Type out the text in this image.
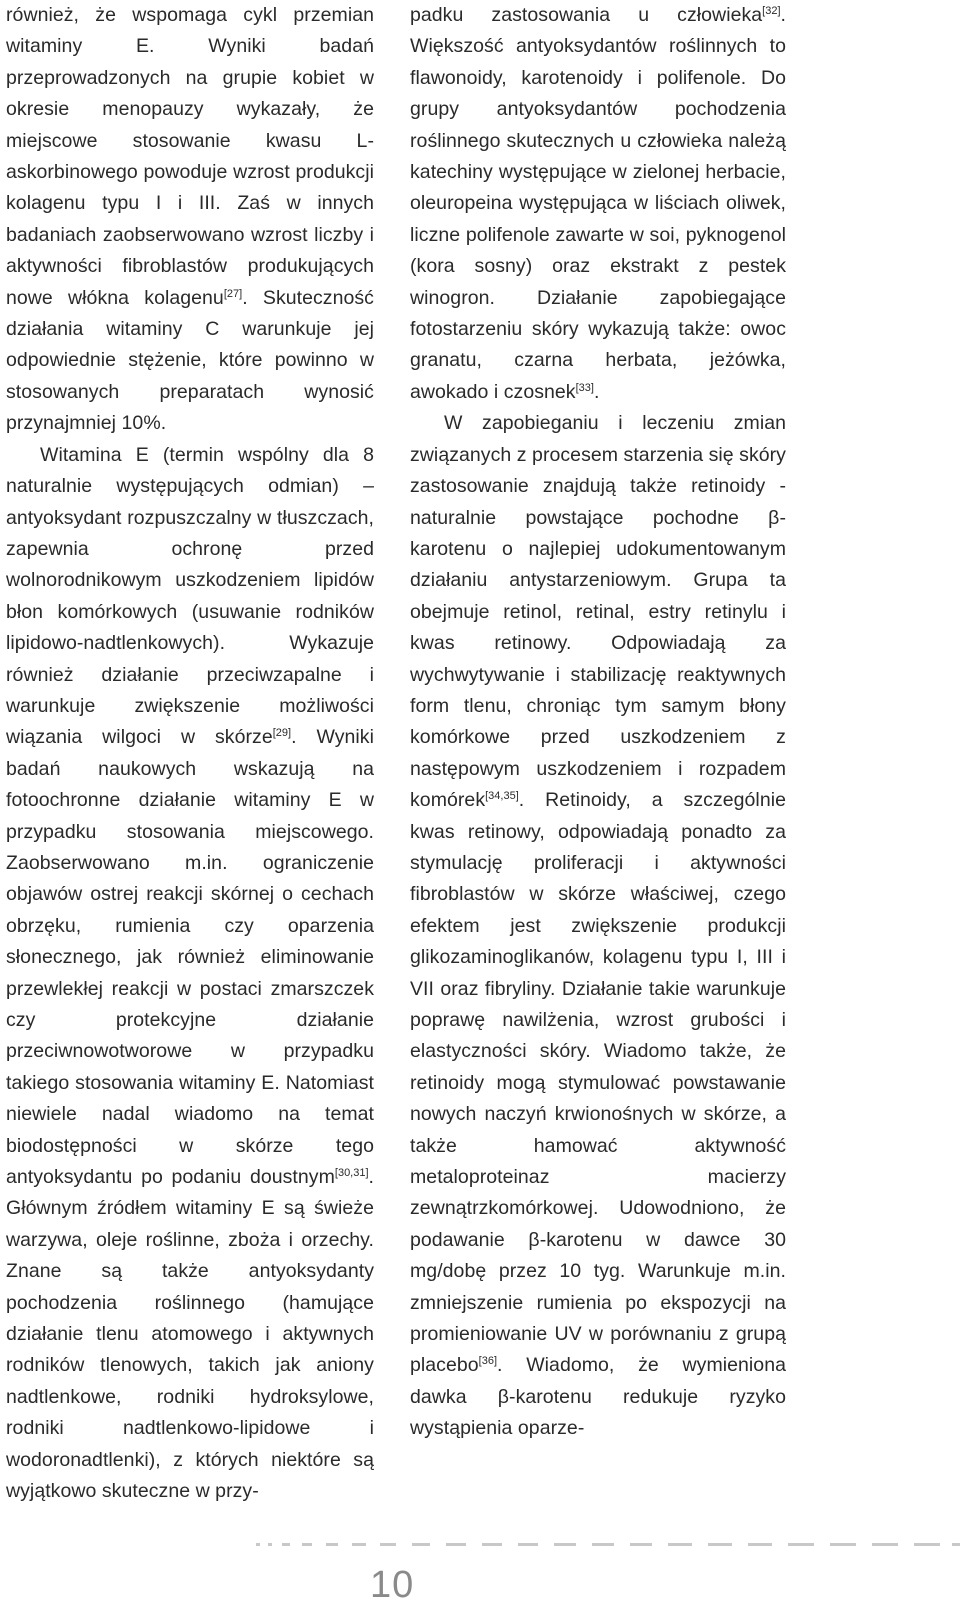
również, że wspomaga cykl przemian witaminy E. Wyniki badań przeprowadzonych na grupie kobiet w okresie menopauzy wykazały, że miejscowe stosowanie kwasu L-askorbinowego powoduje wzrost produkcji kolagenu typu I i III. Zaś w innych badaniach zaobserwowano wzrost liczby i aktywności fibroblastów produkujących nowe włókna kolagenu[27]. Skuteczność działania witaminy C warunkuje jej odpowiednie stężenie, które powinno w stosowanych preparatach wynosić przynajmniej 10%.

Witamina E (termin wspólny dla 8 naturalnie występujących odmian) – antyoksydant rozpuszczalny w tłuszczach, zapewnia ochronę przed wolnorodnikowym uszkodzeniem lipidów błon komórkowych (usuwanie rodników lipidowo-nadtlenkowych). Wykazuje również działanie przeciwzapalne i warunkuje zwiększenie możliwości wiązania wilgoci w skórze[29]. Wyniki badań naukowych wskazują na fotoochronne działanie witaminy E w przypadku stosowania miejscowego. Zaobserwowano m.in. ograniczenie objawów ostrej reakcji skórnej o cechach obrzęku, rumienia czy oparzenia słonecznego, jak również eliminowanie przewlekłej reakcji w postaci zmarszczek czy protekcyjne działanie przeciwnowotworowe w przypadku takiego stosowania witaminy E. Natomiast niewiele nadal wiadomo na temat biodostępności w skórze tego antyoksydantu po podaniu doustnym[30,31]. Głównym źródłem witaminy E są świeże warzywa, oleje roślinne, zboża i orzechy. Znane są także antyoksydanty pochodzenia roślinnego (hamujące działanie tlenu atomowego i aktywnych rodników tlenowych, takich jak aniony nadtlenkowe, rodniki hydroksylowe, rodniki nadtlenkowo-lipidowe i wodoronadtlenki), z których niektóre są wyjątkowo skuteczne w przy-

padku zastosowania u człowieka[32]. Większość antyoksydantów roślinnych to flawonoidy, karotenoidy i polifenole. Do grupy antyoksydantów pochodzenia roślinnego skutecznych u człowieka należą katechiny występujące w zielonej herbacie, oleuropeina występująca w liściach oliwek, liczne polifenole zawarte w soi, pyknogenol (kora sosny) oraz ekstrakt z pestek winogron. Działanie zapobiegające fotostarzeniu skóry wykazują także: owoc granatu, czarna herbata, jeżówka, awokado i czosnek[33].

W zapobieganiu i leczeniu zmian związanych z procesem starzenia się skóry zastosowanie znajdują także retinoidy - naturalnie powstające pochodne β-karotenu o najlepiej udokumentowanym działaniu antystarzeniowym. Grupa ta obejmuje retinol, retinal, estry retinylu i kwas retinowy. Odpowiadają za wychwytywanie i stabilizację reaktywnych form tlenu, chroniąc tym samym błony komórkowe przed uszkodzeniem z następowym uszkodzeniem i rozpadem komórek[34,35]. Retinoidy, a szczególnie kwas retinowy, odpowiadają ponadto za stymulację proliferacji i aktywności fibroblastów w skórze właściwej, czego efektem jest zwiększenie produkcji glikozaminoglikanów, kolagenu typu I, III i VII oraz fibryliny. Działanie takie warunkuje poprawę nawilżenia, wzrost grubości i elastyczności skóry. Wiadomo także, że retinoidy mogą stymulować powstawanie nowych naczyń krwionośnych w skórze, a także hamować aktywność metaloproteinaz macierzy zewnątrzkomórkowej. Udowodniono, że podawanie β-karotenu w dawce 30 mg/dobę przez 10 tyg. Warunkuje m.in. zmniejszenie rumienia po ekspozycji na promieniowanie UV w porównaniu z grupą placebo[36]. Wiadomo, że wymieniona dawka β-karotenu redukuje ryzyko wystąpienia oparze-

10
